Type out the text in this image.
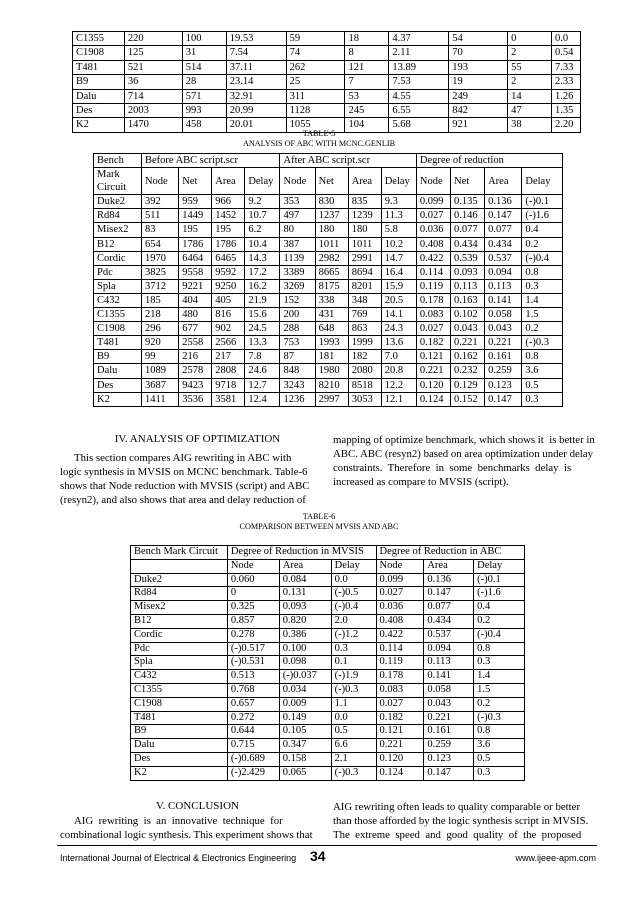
C1355	220	100	19.53	59	18	4.37	54	0	0.0
C1908	125	31	7.54	74	8	2.11	70	2	0.54
T481	521	514	37.11	262	121	13.89	193	55	7.33
B9	36	28	23.14	25	7	7.53	19	2	2.33
Dalu	714	571	32.91	311	53	4.55	249	14	1.26
Des	2003	993	20.99	1128	245	6.55	842	47	1.35
K2	1470	458	20.01	1055	104	5.68	921	38	2.20
TABLE-5
ANALYSIS OF ABC WITH MCNC.GENLIB
Bench	Before ABC script.scr				After ABC script.scr				Degree of reduction			
Mark	Node	Net	Area	Delay	Node	Net	Area	Delay	Node	Net	Area	Delay
Circuit												
Duke2	392	959	966	9.2	353	830	835	9.3	0.099	0.135	0.136	(-)0.1
Rd84	511	1449	1452	10.7	497	1237	1239	11.3	0.027	0.146	0.147	(-)1.6
Misex2	83	195	195	6.2	80	180	180	5.8	0.036	0.077	0.077	0.4
B12	654	1786	1786	10.4	387	1011	1011	10.2	0.408	0.434	0.434	0.2
Cordic	1970	6464	6465	14.3	1139	2982	2991	14.7	0.422	0.539	0.537	(-)0.4
Pdc	3825	9558	9592	17.2	3389	8665	8694	16.4	0.114	0.093	0.094	0.8
Spla	3712	9221	9250	16.2	3269	8175	8201	15.9	0.119	0.113	0.113	0.3
C432	185	404	405	21.9	152	338	348	20.5	0.178	0.163	0.141	1.4
C1355	218	480	816	15.6	200	431	769	14.1	0.083	0.102	0.058	1.5
C1908	296	677	902	24.5	288	648	863	24.3	0.027	0.043	0.043	0.2
T481	920	2558	2566	13.3	753	1993	1999	13.6	0.182	0.221	0.221	(-)0.3
B9	99	216	217	7.8	87	181	182	7.0	0.121	0.162	0.161	0.8
Dalu	1089	2578	2808	24.6	848	1980	2080	20.8	0.221	0.232	0.259	3.6
Des	3687	9423	9718	12.7	3243	8210	8518	12.2	0.120	0.129	0.123	0.5
K2	1411	3536	3581	12.4	1236	2997	3053	12.1	0.124	0.152	0.147	0.3
IV. ANALYSIS OF OPTIMIZATION
This section compares AIG rewriting in ABC with
logic synthesis in MVSIS on MCNC benchmark. Table-6
shows that Node reduction with MVSIS (script) and ABC
(resyn2), and also shows that area and delay reduction of
mapping of optimize benchmark, which shows it  is better in
ABC. ABC (resyn2) based on area optimization under delay
constraints.  Therefore  in  some  benchmarks  delay  is
increased as compare to MVSIS (script).
TABLE-6
COMPARISON BETWEEN MVSIS AND ABC
Bench Mark Circuit	Degree of Reduction in MVSIS			Degree of Reduction in ABC		
	Node	Area	Delay	Node	Area	Delay
Duke2	0.060	0.084	0.0	0.099	0.136	(-)0.1
Rd84	0	0.131	(-)0.5	0.027	0.147	(-)1.6
Misex2	0.325	0.093	(-)0.4	0.036	0.077	0.4
B12	0.857	0.820	2.0	0.408	0.434	0.2
Cordic	0.278	0.386	(-)1.2	0.422	0.537	(-)0.4
Pdc	(-)0.517	0.100	0.3	0.114	0.094	0.8
Spla	(-)0.531	0.098	0.1	0.119	0.113	0.3
C432	0.513	(-)0.037	(-)1.9	0.178	0.141	1.4
C1355	0.768	0.034	(-)0.3	0.083	0.058	1.5
C1908	0.657	0.009	1.1	0.027	0.043	0.2
T481	0.272	0.149	0.0	0.182	0.221	(-)0.3
B9	0.644	0.105	0.5	0.121	0.161	0.8
Dalu	0.715	0.347	6.6	0.221	0.259	3.6
Des	(-)0.689	0.158	2.1	0.120	0.123	0.5
K2	(-)2.429	0.065	(-)0.3	0.124	0.147	0.3
V. CONCLUSION
AIG  rewriting  is  an  innovative  technique  for
combinational logic synthesis. This experiment shows that
AIG rewriting often leads to quality comparable or better
than those afforded by the logic synthesis script in MVSIS.
The  extreme  speed  and  good  quality  of  the  proposed
International Journal of Electrical & Electronics Engineering 34	www.ijeee-apm.com
